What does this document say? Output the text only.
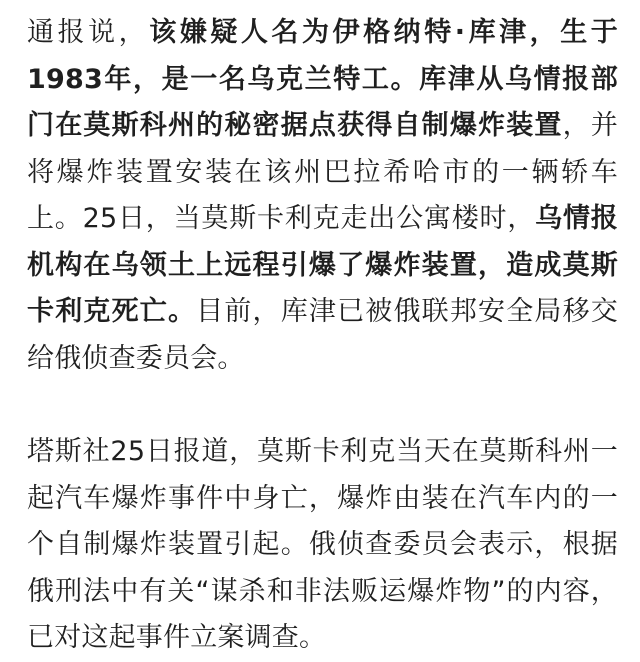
通报说，该嫌疑人名为伊格纳特·库津，生于1983年，是一名乌克兰特工。库津从乌情报部门在莫斯科州的秘密据点获得自制爆炸装置，并将爆炸装置安装在该州巴拉希哈市的一辆轿车上。25日，当莫斯卡利克走出公寓楼时，乌情报机构在乌领土上远程引爆了爆炸装置，造成莫斯卡利克死亡。目前，库津已被俄联邦安全局移交给俄侦查委员会。

塔斯社25日报道，莫斯卡利克当天在莫斯科州一起汽车爆炸事件中身亡，爆炸由装在汽车内的一个自制爆炸装置引起。俄侦查委员会表示，根据俄刑法中有关“谋杀和非法贩运爆炸物”的内容，已对这起事件立案调查。
